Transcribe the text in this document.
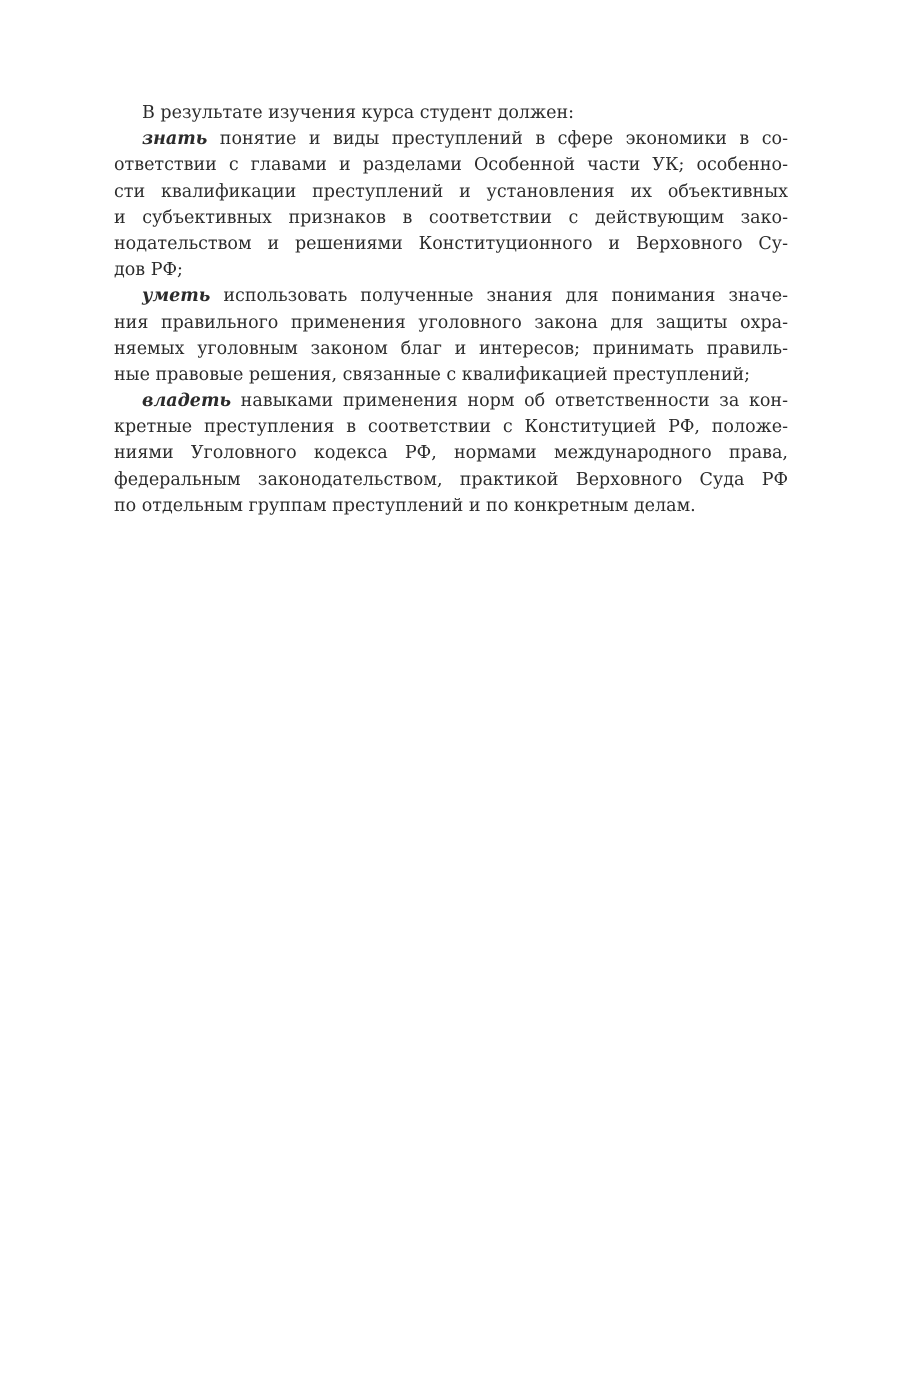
В результате изучения курса студент должен:
знать понятие и виды преступлений в сфере экономики в со-
ответствии с главами и разделами Особенной части УК; особенно-
сти квалификации преступлений и установления их объективных
и субъективных признаков в соответствии с действующим зако-
нодательством и решениями Конституционного и Верховного Су-
дов РФ;
уметь использовать полученные знания для понимания значе-
ния правильного применения уголовного закона для защиты охра-
няемых уголовным законом благ и интересов; принимать правиль-
ные правовые решения, связанные с квалификацией преступлений;
владеть навыками применения норм об ответственности за кон-
кретные преступления в соответствии с Конституцией РФ, положе-
ниями Уголовного кодекса РФ, нормами международного права,
федеральным законодательством, практикой Верховного Суда РФ
по отдельным группам преступлений и по конкретным делам.
